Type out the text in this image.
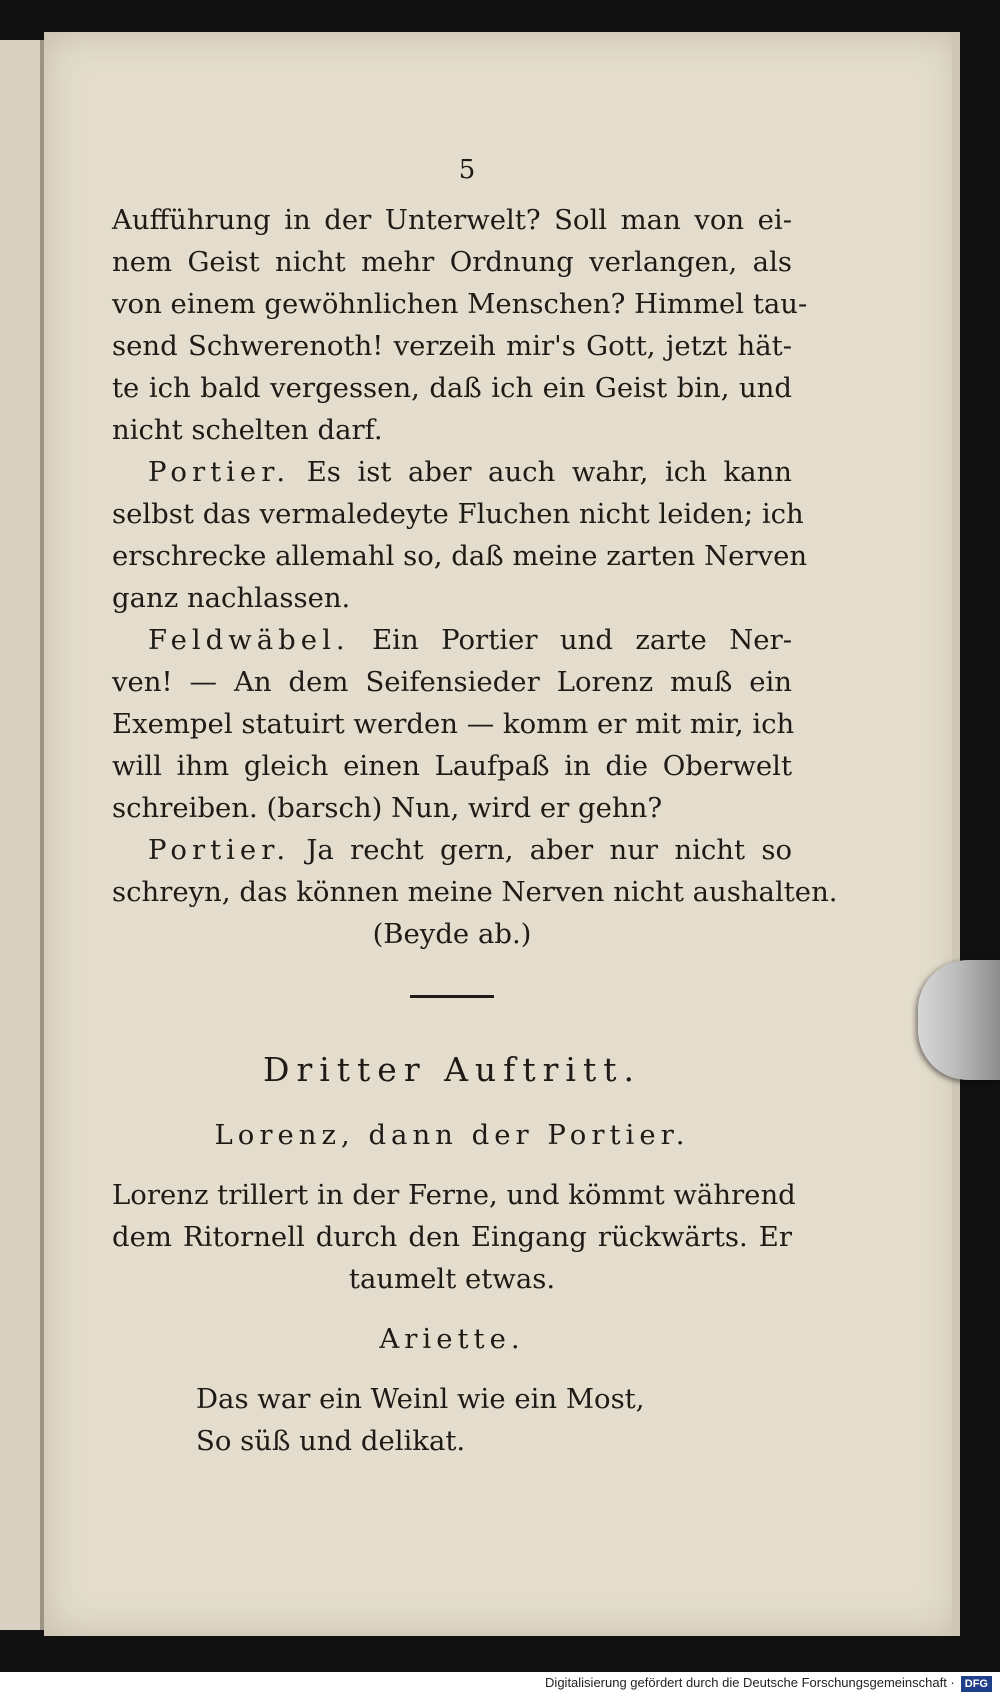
5
Aufführung in der Unterwelt? Soll man von ei-
nem Geist nicht mehr Ordnung verlangen, als
von einem gewöhnlichen Menschen? Himmel tau-
send Schwerenoth! verzeih mir's Gott, jetzt hät-
te ich bald vergessen, daß ich ein Geist bin, und
nicht schelten darf.
Portier. Es ist aber auch wahr, ich kann
selbst das vermaledeyte Fluchen nicht leiden; ich
erschrecke allemahl so, daß meine zarten Nerven
ganz nachlassen.
Feldwäbel. Ein Portier und zarte Ner-
ven! — An dem Seifensieder Lorenz muß ein
Exempel statuirt werden — komm er mit mir, ich
will ihm gleich einen Laufpaß in die Oberwelt
schreiben. (barsch) Nun, wird er gehn?
Portier. Ja recht gern, aber nur nicht so
schreyn, das können meine Nerven nicht aushalten.
(Beyde ab.)
Dritter Auftritt.
Lorenz, dann der Portier.
Lorenz trillert in der Ferne, und kömmt während
dem Ritornell durch den Eingang rückwärts. Er
taumelt etwas.
Ariette.
Das war ein Weinl wie ein Most,
So süß und delikat.
Digitalisierung gefördert durch die Deutsche Forschungsgemeinschaft · DFG
